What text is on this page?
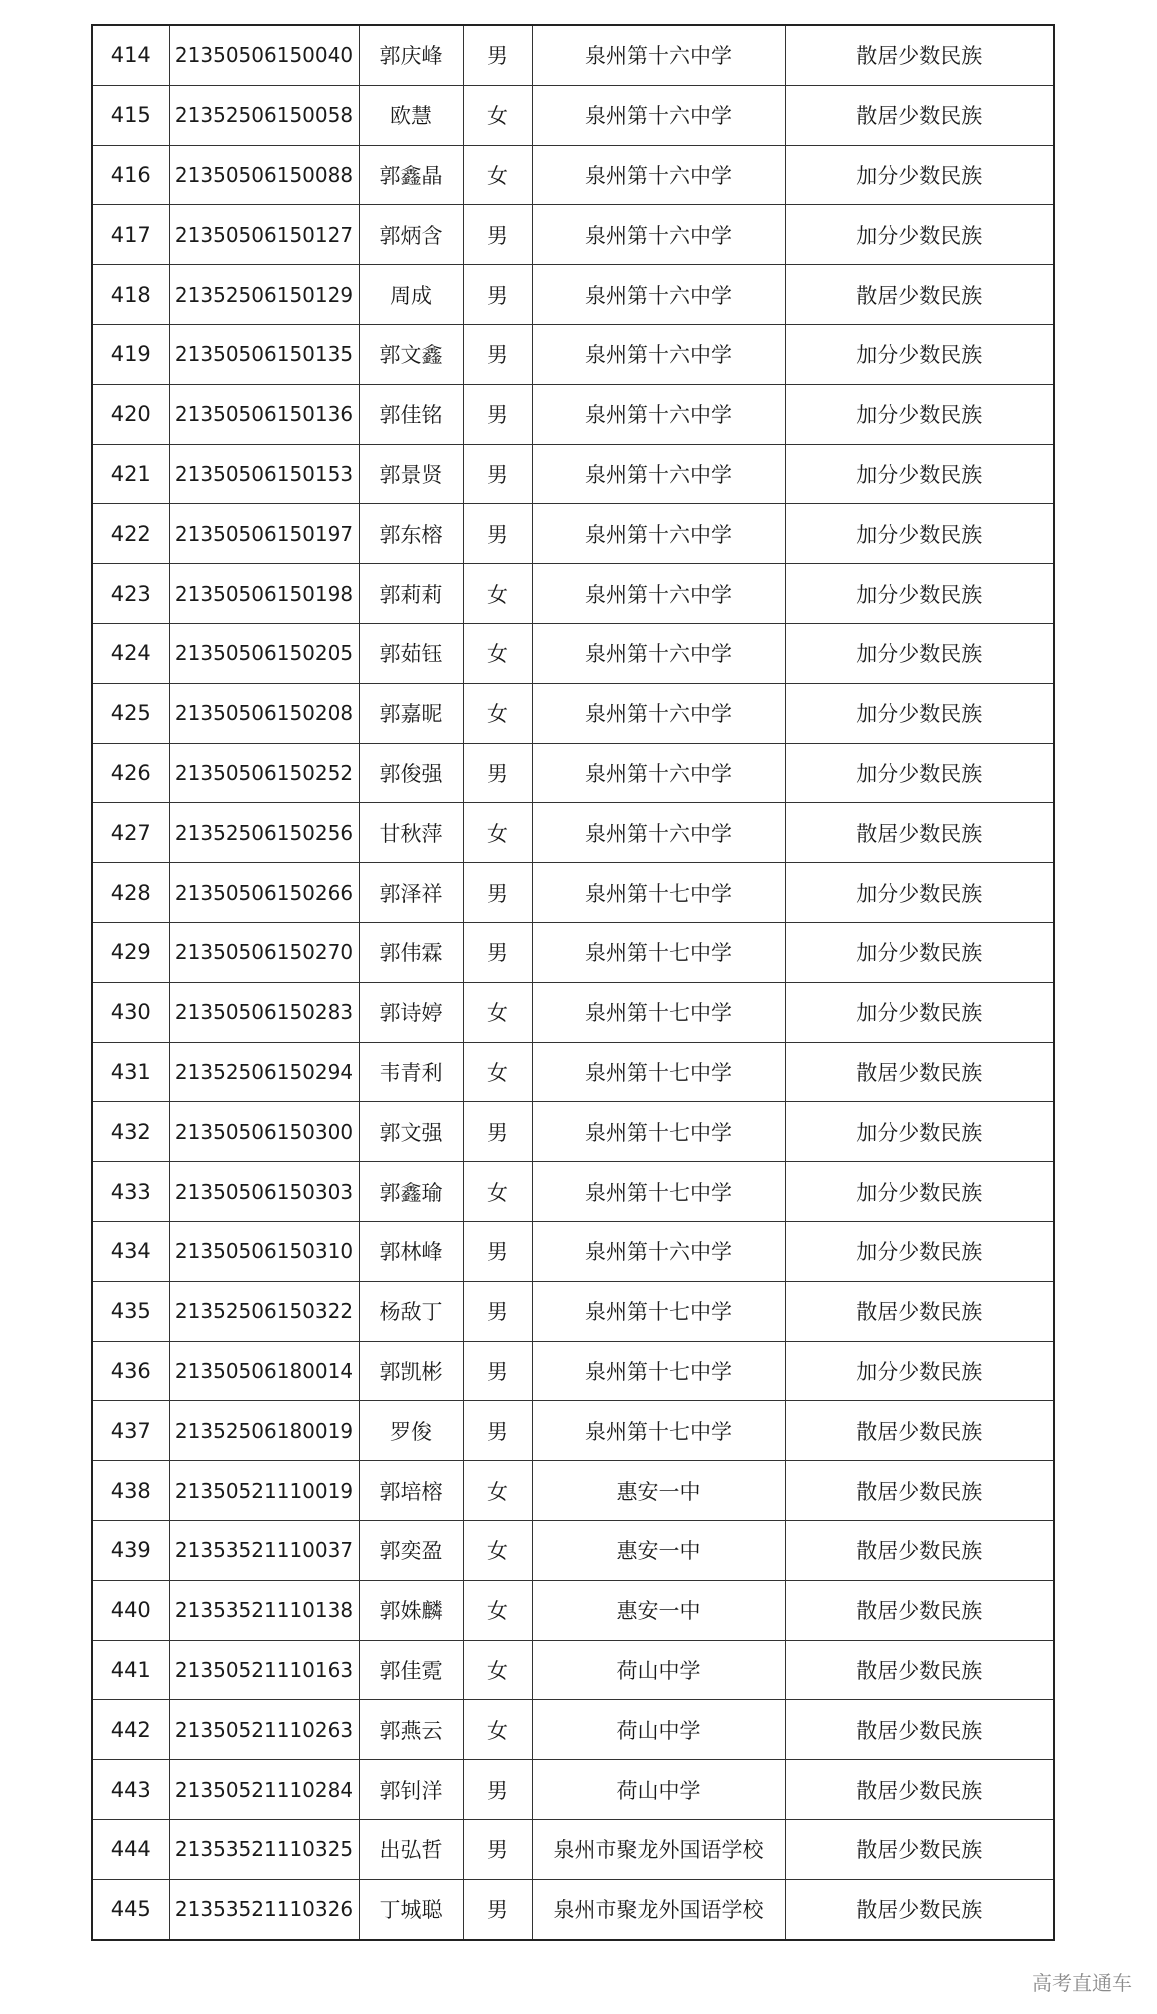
414	21350506150040	郭庆峰	男	泉州第十六中学	散居少数民族
415	21352506150058	欧慧	女	泉州第十六中学	散居少数民族
416	21350506150088	郭鑫晶	女	泉州第十六中学	加分少数民族
417	21350506150127	郭炳含	男	泉州第十六中学	加分少数民族
418	21352506150129	周成	男	泉州第十六中学	散居少数民族
419	21350506150135	郭文鑫	男	泉州第十六中学	加分少数民族
420	21350506150136	郭佳铭	男	泉州第十六中学	加分少数民族
421	21350506150153	郭景贤	男	泉州第十六中学	加分少数民族
422	21350506150197	郭东榕	男	泉州第十六中学	加分少数民族
423	21350506150198	郭莉莉	女	泉州第十六中学	加分少数民族
424	21350506150205	郭茹钰	女	泉州第十六中学	加分少数民族
425	21350506150208	郭嘉昵	女	泉州第十六中学	加分少数民族
426	21350506150252	郭俊强	男	泉州第十六中学	加分少数民族
427	21352506150256	甘秋萍	女	泉州第十六中学	散居少数民族
428	21350506150266	郭泽祥	男	泉州第十七中学	加分少数民族
429	21350506150270	郭伟霖	男	泉州第十七中学	加分少数民族
430	21350506150283	郭诗婷	女	泉州第十七中学	加分少数民族
431	21352506150294	韦青利	女	泉州第十七中学	散居少数民族
432	21350506150300	郭文强	男	泉州第十七中学	加分少数民族
433	21350506150303	郭鑫瑜	女	泉州第十七中学	加分少数民族
434	21350506150310	郭林峰	男	泉州第十六中学	加分少数民族
435	21352506150322	杨敌丁	男	泉州第十七中学	散居少数民族
436	21350506180014	郭凯彬	男	泉州第十七中学	加分少数民族
437	21352506180019	罗俊	男	泉州第十七中学	散居少数民族
438	21350521110019	郭培榕	女	惠安一中	散居少数民族
439	21353521110037	郭奕盈	女	惠安一中	散居少数民族
440	21353521110138	郭姝麟	女	惠安一中	散居少数民族
441	21350521110163	郭佳霓	女	荷山中学	散居少数民族
442	21350521110263	郭燕云	女	荷山中学	散居少数民族
443	21350521110284	郭钊洋	男	荷山中学	散居少数民族
444	21353521110325	出弘哲	男	泉州市聚龙外国语学校	散居少数民族
445	21353521110326	丁城聪	男	泉州市聚龙外国语学校	散居少数民族
高考直通车
